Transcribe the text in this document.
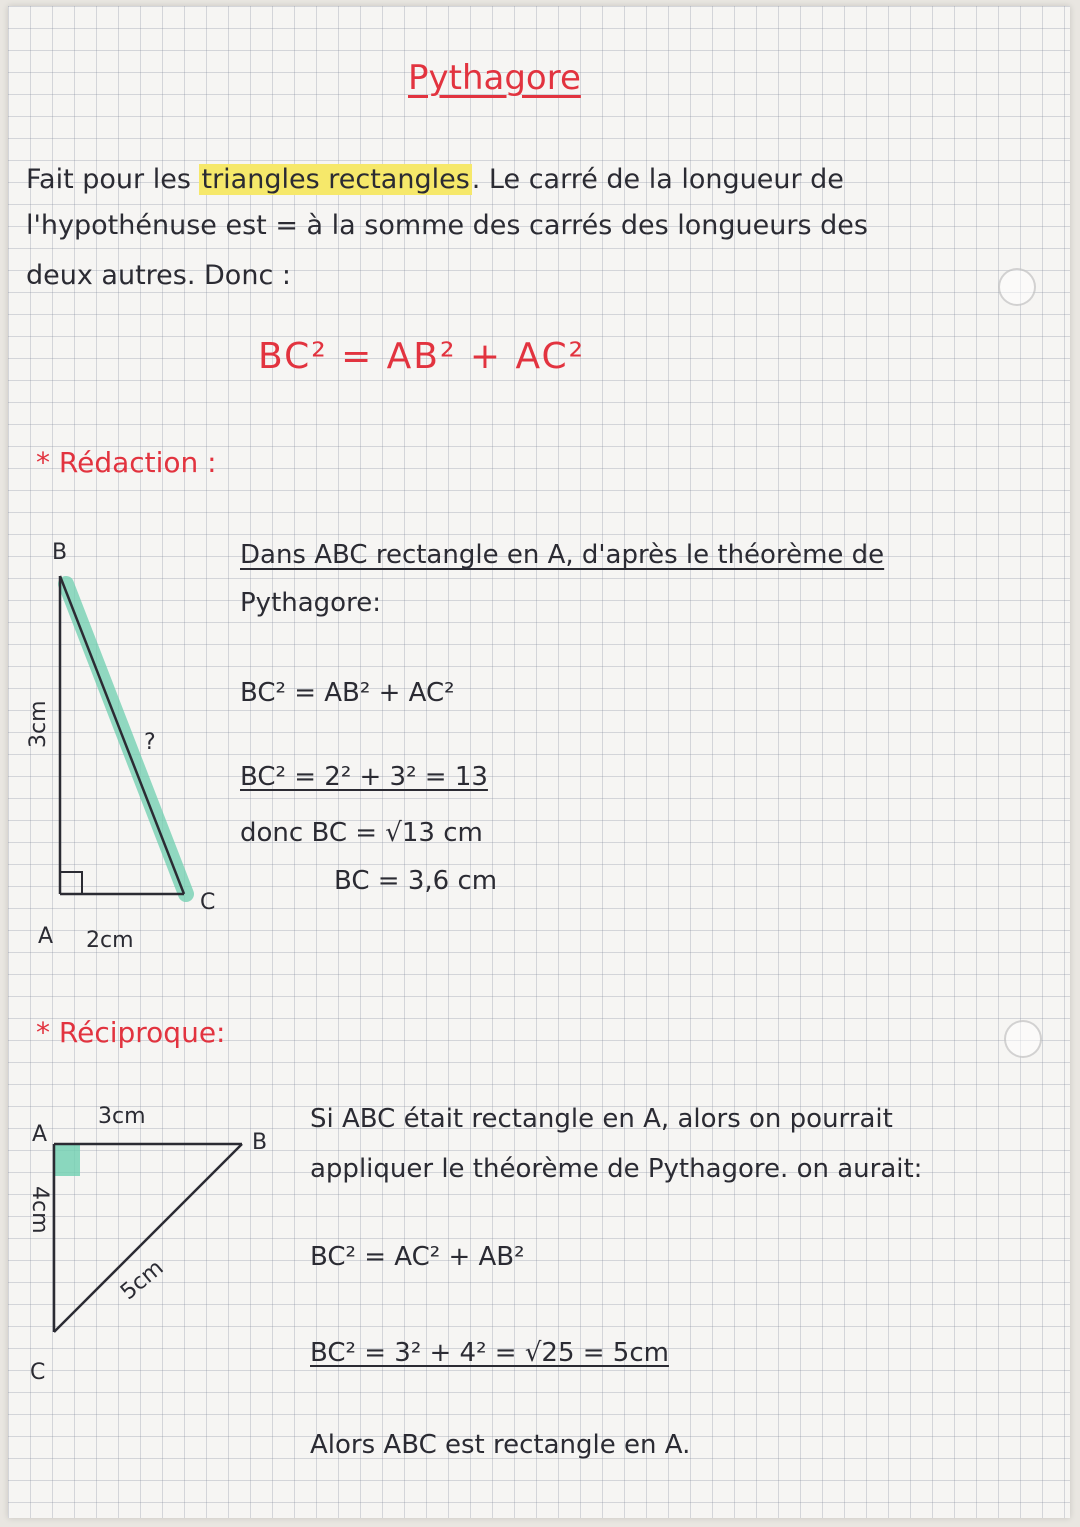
Pythagore
Fait pour les triangles rectangles. Le carré de la longueur de
l'hypothénuse est = à la somme des carrés des longueurs des
deux autres. Donc :
BC² = AB² + AC²
* Rédaction :
B
A
C
3cm
2cm
?
Dans ABC rectangle en A, d'après le théorème de
Pythagore:
BC² = AB² + AC²
BC² = 2² + 3² = 13
donc BC = √13 cm
BC = 3,6 cm
* Réciproque:
A	B
C
3cm
4cm
5cm
Si ABC était rectangle en A, alors on pourrait
appliquer le théorème de Pythagore. on aurait:
BC² = AC² + AB²
BC² = 3² + 4² = √25 = 5cm
Alors ABC est rectangle en A.
